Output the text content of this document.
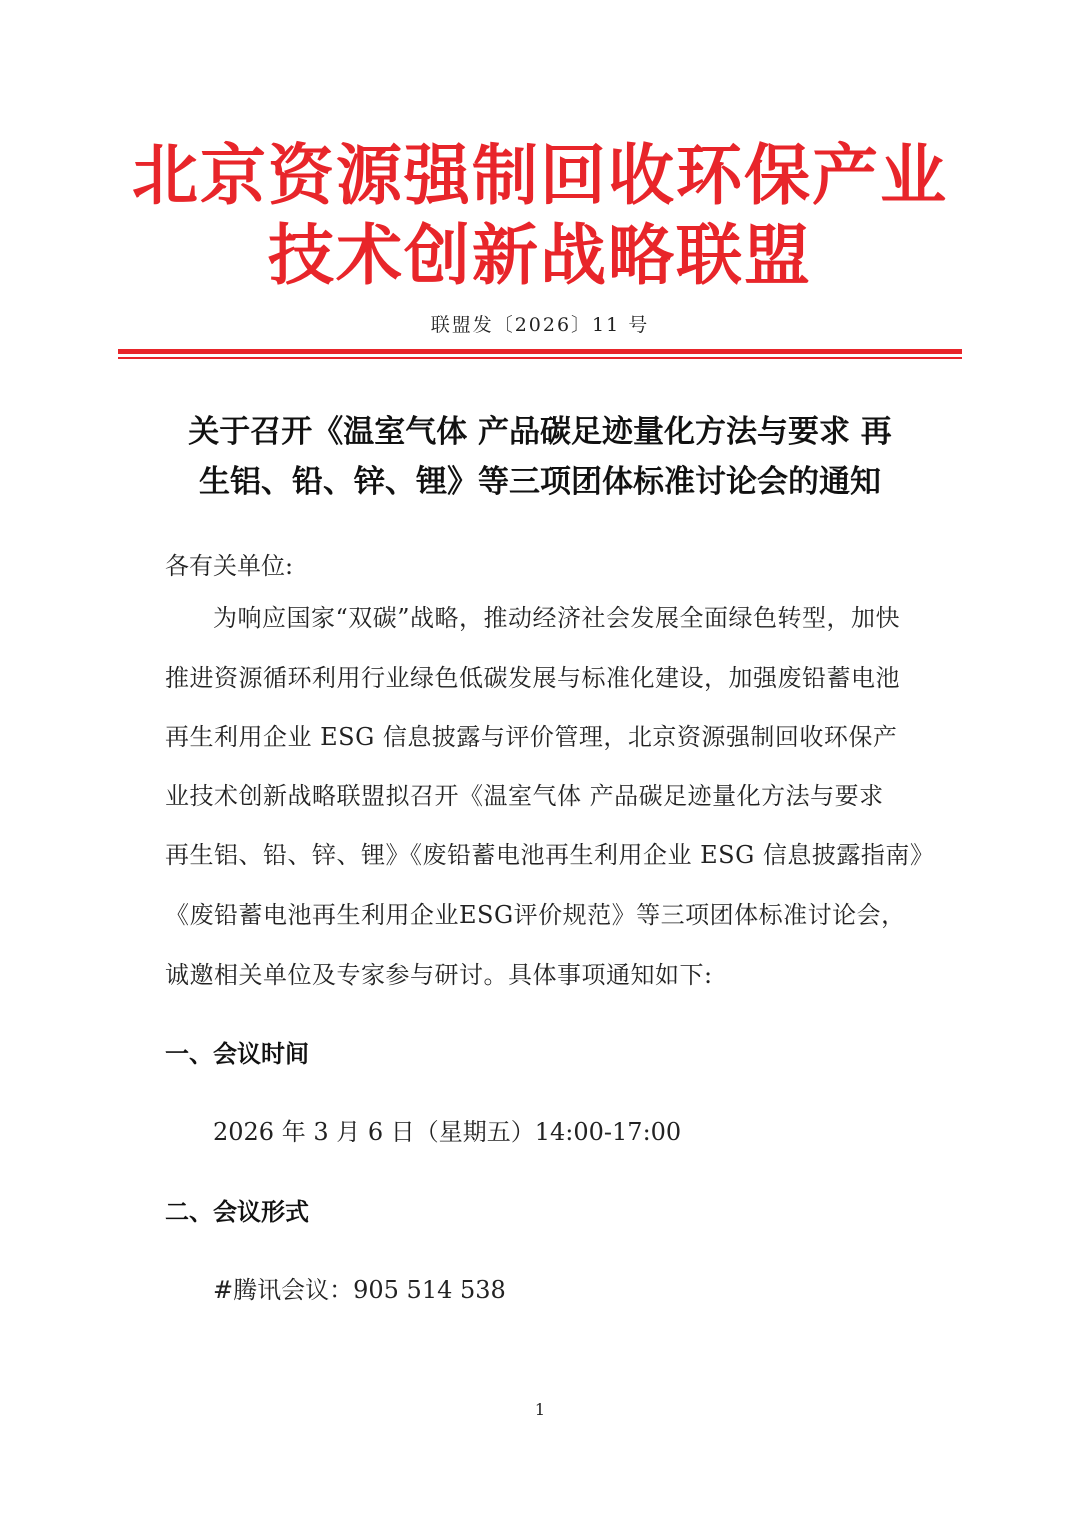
北京资源强制回收环保产业
技术创新战略联盟
联盟发〔2026〕11 号
关于召开《温室气体 产品碳足迹量化方法与要求 再
生铝、铅、锌、锂》等三项团体标准讨论会的通知
各有关单位:
为响应国家“双碳”战略，推动经济社会发展全面绿色转型，加快
推进资源循环利用行业绿色低碳发展与标准化建设，加强废铅蓄电池
再生利用企业 ESG 信息披露与评价管理，北京资源强制回收环保产
业技术创新战略联盟拟召开《温室气体 产品碳足迹量化方法与要求
再生铝、铅、锌、锂》《废铅蓄电池再生利用企业 ESG 信息披露指南》
《废铅蓄电池再生利用企业ESG评价规范》等三项团体标准讨论会，
诚邀相关单位及专家参与研讨。具体事项通知如下:
一、会议时间
2026 年 3 月 6 日（星期五）14:00-17:00
二、会议形式
#腾讯会议：905 514 538
1
